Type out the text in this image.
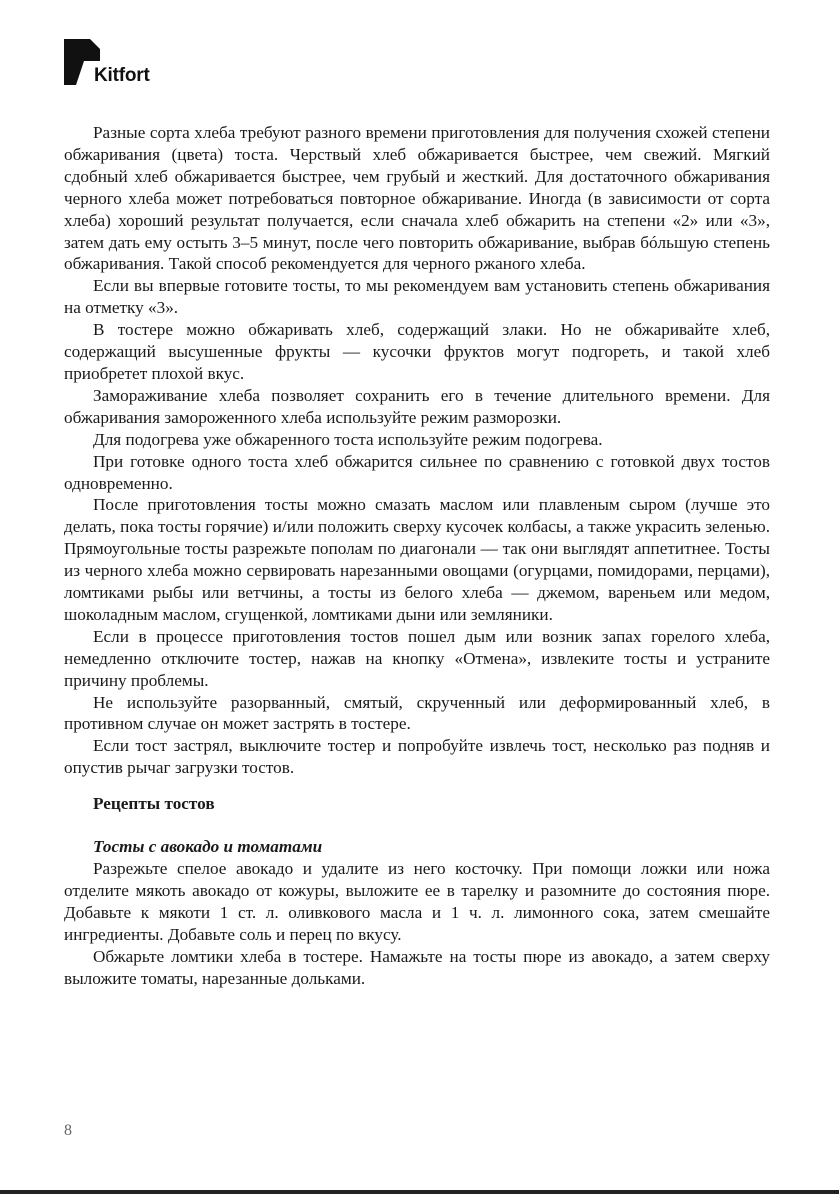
Kitfort

Разные сорта хлеба требуют разного времени приготовления для получения схожей степени обжаривания (цвета) тоста. Черствый хлеб обжаривается быстрее, чем свежий. Мягкий сдобный хлеб обжаривается быстрее, чем грубый и жесткий. Для достаточного обжаривания черного хлеба может потребоваться повторное обжаривание. Иногда (в зависимости от сорта хлеба) хороший результат получается, если сначала хлеб обжарить на степени «2» или «3», затем дать ему остыть 3–5 минут, после чего повторить обжаривание, выбрав бóльшую степень обжаривания. Такой способ рекомендуется для черного ржаного хлеба.

Если вы впервые готовите тосты, то мы рекомендуем вам установить степень обжаривания на отметку «3».

В тостере можно обжаривать хлеб, содержащий злаки. Но не обжаривайте хлеб, содержащий высушенные фрукты — кусочки фруктов могут подгореть, и такой хлеб приобретет плохой вкус.

Замораживание хлеба позволяет сохранить его в течение длительного времени. Для обжаривания замороженного хлеба используйте режим разморозки.

Для подогрева уже обжаренного тоста используйте режим подогрева.

При готовке одного тоста хлеб обжарится сильнее по сравнению с готовкой двух тостов одновременно.

После приготовления тосты можно смазать маслом или плавленым сыром (лучше это делать, пока тосты горячие) и/или положить сверху кусочек колбасы, а также украсить зеленью. Прямоугольные тосты разрежьте пополам по диагонали — так они выглядят аппетитнее. Тосты из черного хлеба можно сервировать нарезанными овощами (огурцами, помидорами, перцами), ломтиками рыбы или ветчины, а тосты из белого хлеба — джемом, вареньем или медом, шоколадным маслом, сгущенкой, ломтиками дыни или земляники.

Если в процессе приготовления тостов пошел дым или возник запах горелого хлеба, немедленно отключите тостер, нажав на кнопку «Отмена», извлеките тосты и устраните причину проблемы.

Не используйте разорванный, смятый, скрученный или деформированный хлеб, в противном случае он может застрять в тостере.

Если тост застрял, выключите тостер и попробуйте извлечь тост, несколько раз подняв и опустив рычаг загрузки тостов.

Рецепты тостов
Тосты с авокадо и томатами

Разрежьте спелое авокадо и удалите из него косточку. При помощи ложки или ножа отделите мякоть авокадо от кожуры, выложите ее в тарелку и разомните до состояния пюре. Добавьте к мякоти 1 ст. л. оливкового масла и 1 ч. л. лимонного сока, затем смешайте ингредиенты. Добавьте соль и перец по вкусу.

Обжарьте ломтики хлеба в тостере. Намажьте на тосты пюре из авокадо, а затем сверху выложите томаты, нарезанные дольками.

8
